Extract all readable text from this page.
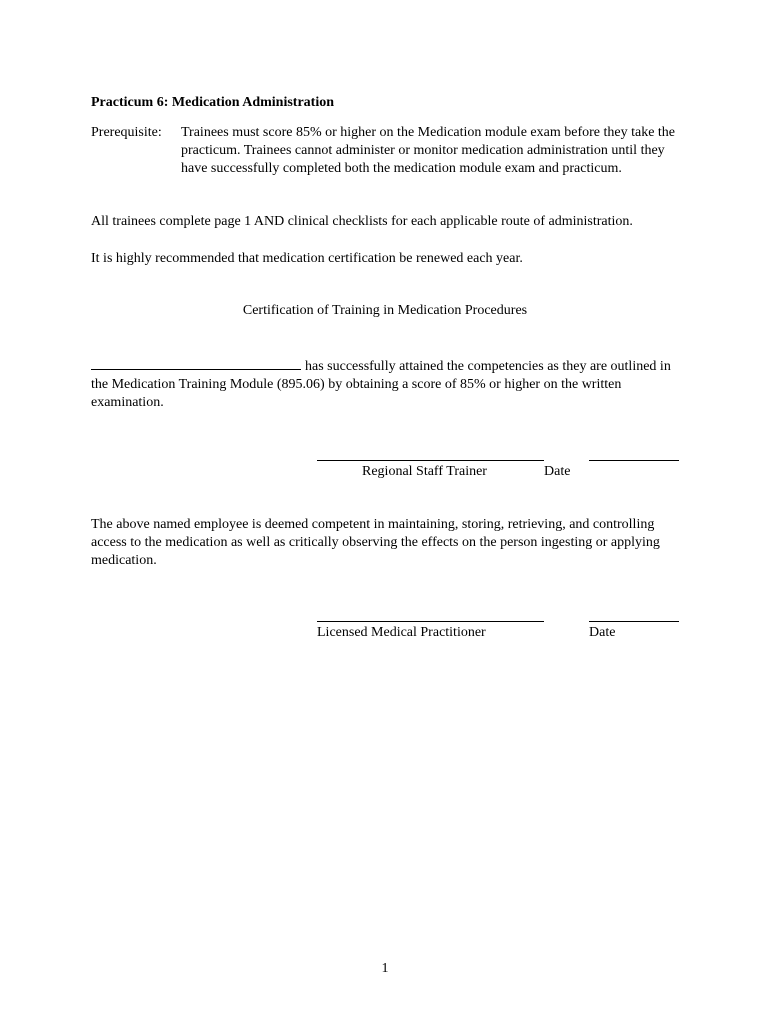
Practicum 6: Medication Administration
Prerequisite: Trainees must score 85% or higher on the Medication module exam before they take the practicum. Trainees cannot administer or monitor medication administration until they have successfully completed both the medication module exam and practicum.
All trainees complete page 1 AND clinical checklists for each applicable route of administration.
It is highly recommended that medication certification be renewed each year.
Certification of Training in Medication Procedures
has successfully attained the competencies as they are outlined in the Medication Training Module (895.06) by obtaining a score of 85% or higher on the written examination.
Regional Staff Trainer	Date
The above named employee is deemed competent in maintaining, storing, retrieving, and controlling access to the medication as well as critically observing the effects on the person ingesting or applying medication.
Licensed Medical Practitioner	Date
1
